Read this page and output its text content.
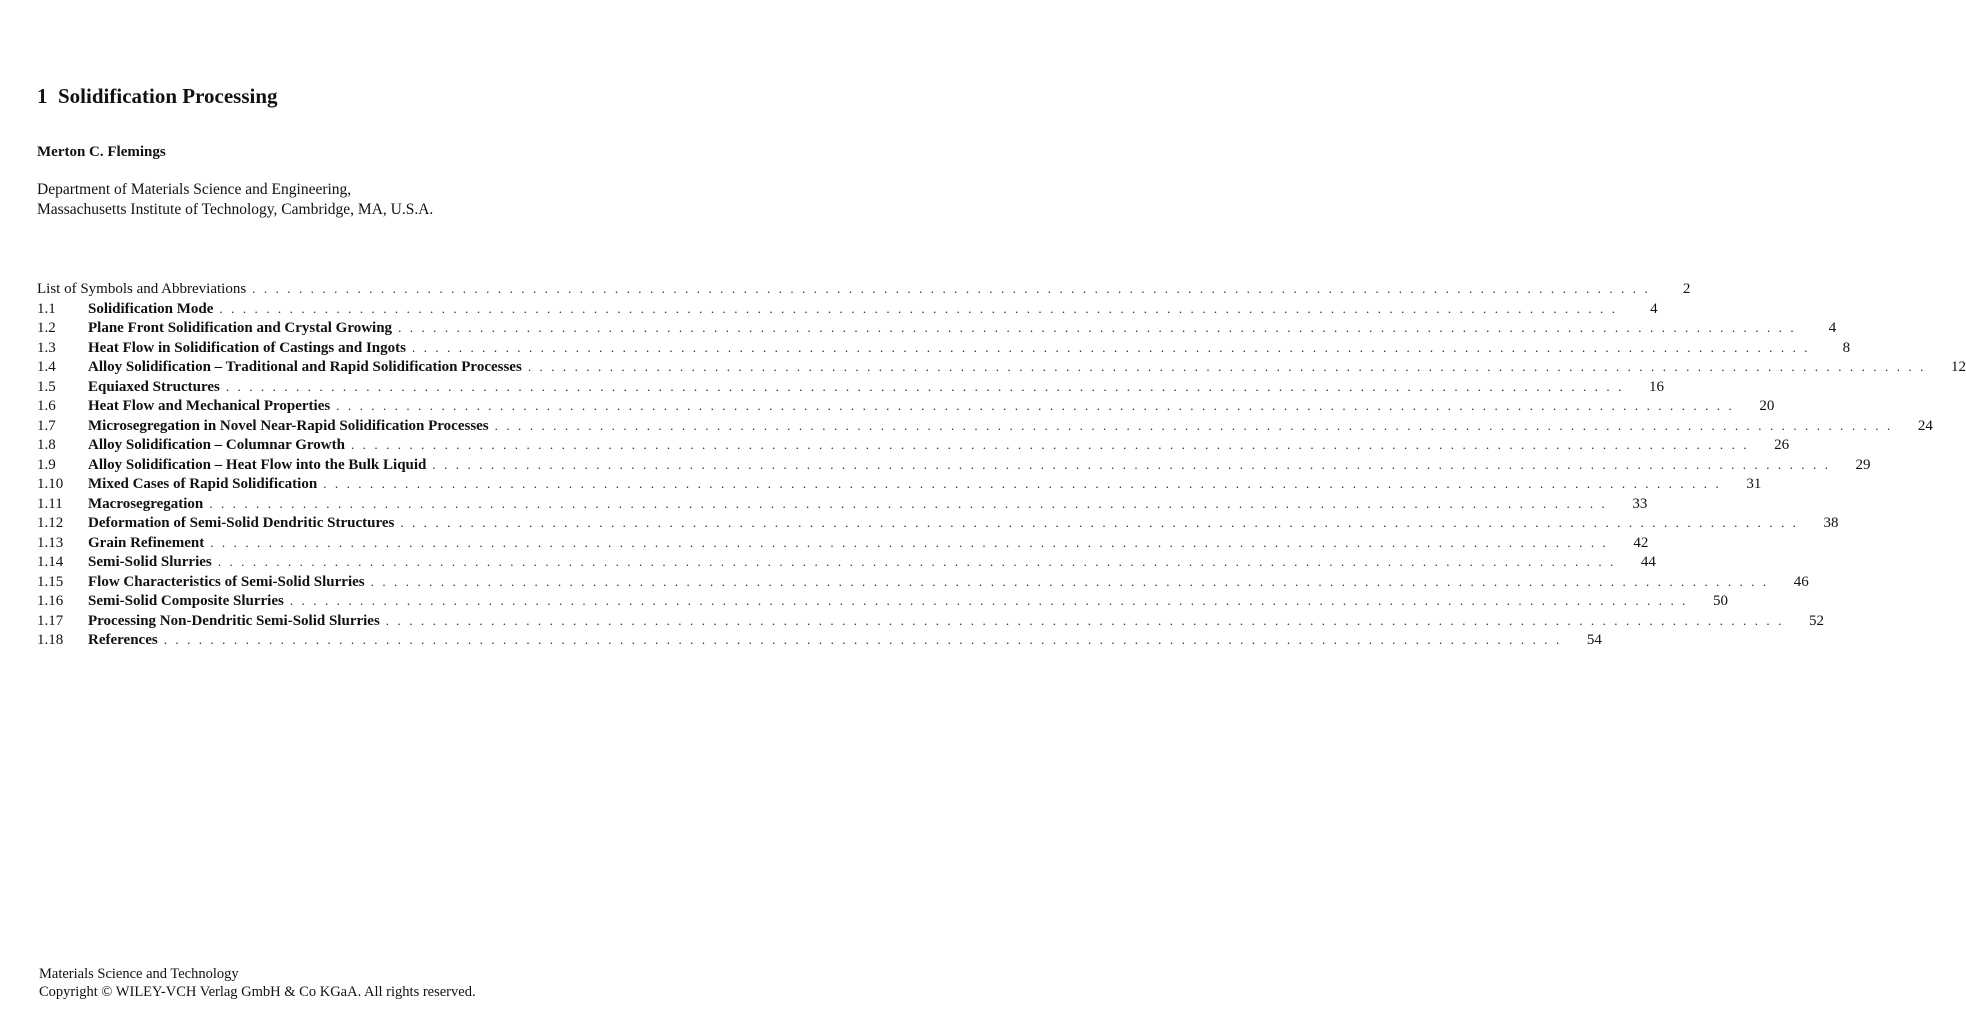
1 Solidification Processing

Merton C. Flemings

Department of Materials Science and Engineering,
Massachusetts Institute of Technology, Cambridge, MA, U.S.A.
List of Symbols and Abbreviations . . . . . . . . . . . . . . . . . . . . . . . . . . . . . . . . . . . . . . . . . . . . . . . . . . . . . . . . . . . . . . . . . . . . . . . . . . . . . . . . . . . . . . . . . . . . . . . . . . . . . . . . . . . . . . . . . . . . . . . .	2
1.1	Solidification Mode . . . . . . . . . . . . . . . . . . . . . . . . . . . . . . . . . . . . . . . . . . . . . . . . . . . . . . . . . . . . . . . . . . . . . . . . . . . . . . . . . . . . . . . . . . . . . . . . . . . . . . . . . . . . . . . . . . . . . . . .	4
1.2	Plane Front Solidification and Crystal Growing . . . . . . . . . . . . . . . . . . . . . . . . . . . . . . . . . . . . . . . . . . . . . . . . . . . . . . . . . . . . . . . . . . . . . . . . . . . . . . . . . . . . . . . . . . . . . . . . . . . . . . . . . . . . . . . . . . . . . . . .	4
1.3	Heat Flow in Solidification of Castings and Ingots . . . . . . . . . . . . . . . . . . . . . . . . . . . . . . . . . . . . . . . . . . . . . . . . . . . . . . . . . . . . . . . . . . . . . . . . . . . . . . . . . . . . . . . . . . . . . . . . . . . . . . . . . . . . . . . . . . . . . . . .	8
1.4	Alloy Solidification – Traditional and Rapid Solidification Processes . . . . . . . . . . . . . . . . . . . . . . . . . . . . . . . . . . . . . . . . . . . . . . . . . . . . . . . . . . . . . . . . . . . . . . . . . . . . . . . . . . . . . . . . . . . . . . . . . . . . . . . . . . . . . . . . . . . . . . . .	12
1.5	Equiaxed Structures . . . . . . . . . . . . . . . . . . . . . . . . . . . . . . . . . . . . . . . . . . . . . . . . . . . . . . . . . . . . . . . . . . . . . . . . . . . . . . . . . . . . . . . . . . . . . . . . . . . . . . . . . . . . . . . . . . . . . . . .	16
1.6	Heat Flow and Mechanical Properties . . . . . . . . . . . . . . . . . . . . . . . . . . . . . . . . . . . . . . . . . . . . . . . . . . . . . . . . . . . . . . . . . . . . . . . . . . . . . . . . . . . . . . . . . . . . . . . . . . . . . . . . . . . . . . . . . . . . . . . .	20
1.7	Microsegregation in Novel Near-Rapid Solidification Processes . . . . . . . . . . . . . . . . . . . . . . . . . . . . . . . . . . . . . . . . . . . . . . . . . . . . . . . . . . . . . . . . . . . . . . . . . . . . . . . . . . . . . . . . . . . . . . . . . . . . . . . . . . . . . . . . . . . . . . . .	24
1.8	Alloy Solidification – Columnar Growth . . . . . . . . . . . . . . . . . . . . . . . . . . . . . . . . . . . . . . . . . . . . . . . . . . . . . . . . . . . . . . . . . . . . . . . . . . . . . . . . . . . . . . . . . . . . . . . . . . . . . . . . . . . . . . . . . . . . . . . .	26
1.9	Alloy Solidification – Heat Flow into the Bulk Liquid . . . . . . . . . . . . . . . . . . . . . . . . . . . . . . . . . . . . . . . . . . . . . . . . . . . . . . . . . . . . . . . . . . . . . . . . . . . . . . . . . . . . . . . . . . . . . . . . . . . . . . . . . . . . . . . . . . . . . . . .	29
1.10	Mixed Cases of Rapid Solidification . . . . . . . . . . . . . . . . . . . . . . . . . . . . . . . . . . . . . . . . . . . . . . . . . . . . . . . . . . . . . . . . . . . . . . . . . . . . . . . . . . . . . . . . . . . . . . . . . . . . . . . . . . . . . . . . . . . . . . . .	31
1.11	Macrosegregation . . . . . . . . . . . . . . . . . . . . . . . . . . . . . . . . . . . . . . . . . . . . . . . . . . . . . . . . . . . . . . . . . . . . . . . . . . . . . . . . . . . . . . . . . . . . . . . . . . . . . . . . . . . . . . . . . . . . . . . .	33
1.12	Deformation of Semi-Solid Dendritic Structures . . . . . . . . . . . . . . . . . . . . . . . . . . . . . . . . . . . . . . . . . . . . . . . . . . . . . . . . . . . . . . . . . . . . . . . . . . . . . . . . . . . . . . . . . . . . . . . . . . . . . . . . . . . . . . . . . . . . . . . .	38
1.13	Grain Refinement . . . . . . . . . . . . . . . . . . . . . . . . . . . . . . . . . . . . . . . . . . . . . . . . . . . . . . . . . . . . . . . . . . . . . . . . . . . . . . . . . . . . . . . . . . . . . . . . . . . . . . . . . . . . . . . . . . . . . . . .	42
1.14	Semi-Solid Slurries . . . . . . . . . . . . . . . . . . . . . . . . . . . . . . . . . . . . . . . . . . . . . . . . . . . . . . . . . . . . . . . . . . . . . . . . . . . . . . . . . . . . . . . . . . . . . . . . . . . . . . . . . . . . . . . . . . . . . . . .	44
1.15	Flow Characteristics of Semi-Solid Slurries . . . . . . . . . . . . . . . . . . . . . . . . . . . . . . . . . . . . . . . . . . . . . . . . . . . . . . . . . . . . . . . . . . . . . . . . . . . . . . . . . . . . . . . . . . . . . . . . . . . . . . . . . . . . . . . . . . . . . . . .	46
1.16	Semi-Solid Composite Slurries . . . . . . . . . . . . . . . . . . . . . . . . . . . . . . . . . . . . . . . . . . . . . . . . . . . . . . . . . . . . . . . . . . . . . . . . . . . . . . . . . . . . . . . . . . . . . . . . . . . . . . . . . . . . . . . . . . . . . . . .	50
1.17	Processing Non-Dendritic Semi-Solid Slurries . . . . . . . . . . . . . . . . . . . . . . . . . . . . . . . . . . . . . . . . . . . . . . . . . . . . . . . . . . . . . . . . . . . . . . . . . . . . . . . . . . . . . . . . . . . . . . . . . . . . . . . . . . . . . . . . . . . . . . . .	52
1.18	References . . . . . . . . . . . . . . . . . . . . . . . . . . . . . . . . . . . . . . . . . . . . . . . . . . . . . . . . . . . . . . . . . . . . . . . . . . . . . . . . . . . . . . . . . . . . . . . . . . . . . . . . . . . . . . . . . . . . . . . .	54
Materials Science and Technology
Copyright © WILEY-VCH Verlag GmbH & Co KGaA. All rights reserved.
